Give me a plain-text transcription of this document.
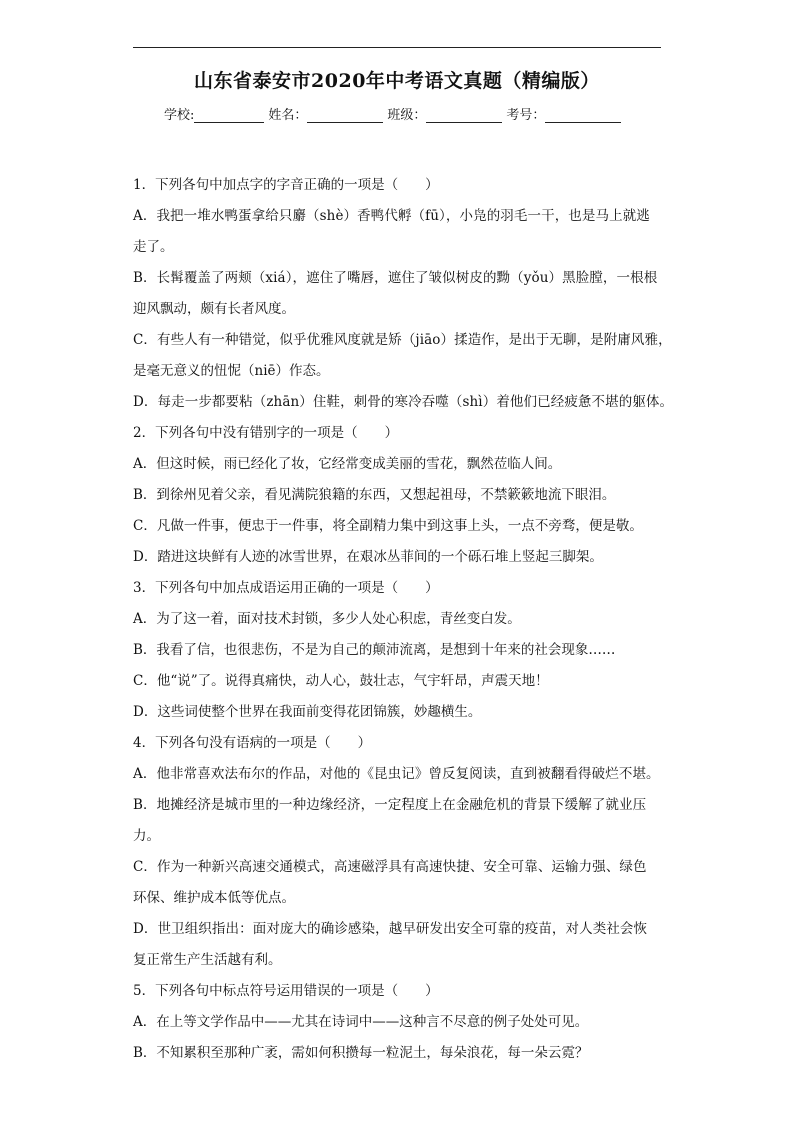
山东省泰安市2020年中考语文真题（精编版）
学校:	姓名：	班级：	考号：
1．下列各句中加点字的字音正确的一项是（　　）
A．我把一堆水鸭蛋拿给只麝（shè）香鸭代孵（fū），小凫的羽毛一干，也是马上就逃
走了。
B．长髯覆盖了两颊（xiá），遮住了嘴唇，遮住了皱似树皮的黝（yǒu）黑脸膛，一根根
迎风飘动，颇有长者风度。
C．有些人有一种错觉，似乎优雅风度就是矫（jiāo）揉造作，是出于无聊，是附庸风雅，
是毫无意义的忸怩（niē）作态。
D．每走一步都要粘（zhān）住鞋，刺骨的寒冷吞噬（shì）着他们已经疲惫不堪的躯体。
2．下列各句中没有错别字的一项是（　　）
A．但这时候，雨已经化了妆，它经常变成美丽的雪花，飘然莅临人间。
B．到徐州见着父亲，看见满院狼籍的东西，又想起祖母，不禁簌簌地流下眼泪。
C．凡做一件事，便忠于一件事，将全副精力集中到这事上头，一点不旁骛，便是敬。
D．踏进这块鲜有人迹的冰雪世界，在艰冰丛菲间的一个砾石堆上竖起三脚架。
3．下列各句中加点成语运用正确的一项是（　　）
A．为了这一着，面对技术封锁，多少人处心积虑，青丝变白发。
B．我看了信，也很悲伤，不是为自己的颠沛流离，是想到十年来的社会现象……
C．他“说”了。说得真痛快，动人心，鼓壮志，气宇轩昂，声震天地！
D．这些词使整个世界在我面前变得花团锦簇，妙趣横生。
4．下列各句没有语病的一项是（　　）
A．他非常喜欢法布尔的作品，对他的《昆虫记》曾反复阅读，直到被翻看得破烂不堪。
B．地摊经济是城市里的一种边缘经济，一定程度上在金融危机的背景下缓解了就业压
力。
C．作为一种新兴高速交通模式，高速磁浮具有高速快捷、安全可靠、运输力强、绿色
环保、维护成本低等优点。
D．世卫组织指出：面对庞大的确诊感染，越早研发出安全可靠的疫苗，对人类社会恢
复正常生产生活越有利。
5．下列各句中标点符号运用错误的一项是（　　）
A．在上等文学作品中——尤其在诗词中——这种言不尽意的例子处处可见。
B．不知累积至那种广袤，需如何积攒每一粒泥土，每朵浪花，每一朵云霓？
